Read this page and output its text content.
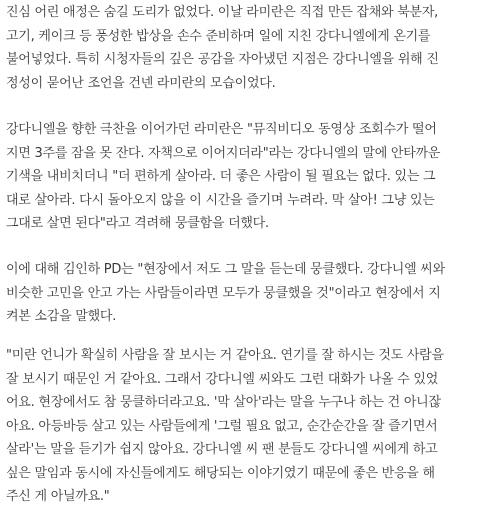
진심 어린 애정은 숨길 도리가 없었다. 이날 라미란은 직접 만든 잡채와 북분자,
고기, 케이크 등 풍성한 밥상을 손수 준비하며 일에 지친 강다니엘에게 온기를
불어넣었다. 특히 시청자들의 깊은 공감을 자아냈던 지점은 강다니엘을 위해 진
정성이 묻어난 조언을 건넨 라미란의 모습이었다.
강다니엘을 향한 극찬을 이어가던 라미란은 "뮤직비디오 동영상 조회수가 떨어
지면 3주를 잠을 못 잔다. 자책으로 이어지더라"라는 강다니엘의 말에 안타까운
기색을 내비치더니 "더 편하게 살아라. 더 좋은 사람이 될 필요는 없다. 있는 그
대로 살아라. 다시 돌아오지 않을 이 시간을 즐기며 누려라. 막 살아! 그냥 있는
그대로 살면 된다"라고 격려해 뭉클함을 더했다.
이에 대해 김인하 PD는 "현장에서 저도 그 말을 듣는데 뭉클했다. 강다니엘 씨와
비슷한 고민을 안고 가는 사람들이라면 모두가 뭉클했을 것"이라고 현장에서 지
켜본 소감을 말했다.
"미란 언니가 확실히 사람을 잘 보시는 거 같아요. 연기를 잘 하시는 것도 사람을
잘 보시기 때문인 거 같아요. 그래서 강다니엘 씨와도 그런 대화가 나올 수 있었
어요. 현장에서도 참 뭉클하더라고요. '막 살아'라는 말을 누구나 하는 건 아니잖
아요. 아등바등 살고 있는 사람들에게 '그럴 필요 없고, 순간순간을 잘 즐기면서
살라'는 말을 듣기가 쉽지 않아요. 강다니엘 씨 팬 분들도 강다니엘 씨에게 하고
싶은 말임과 동시에 자신들에게도 해당되는 이야기였기 때문에 좋은 반응을 해
주신 게 아닐까요."
